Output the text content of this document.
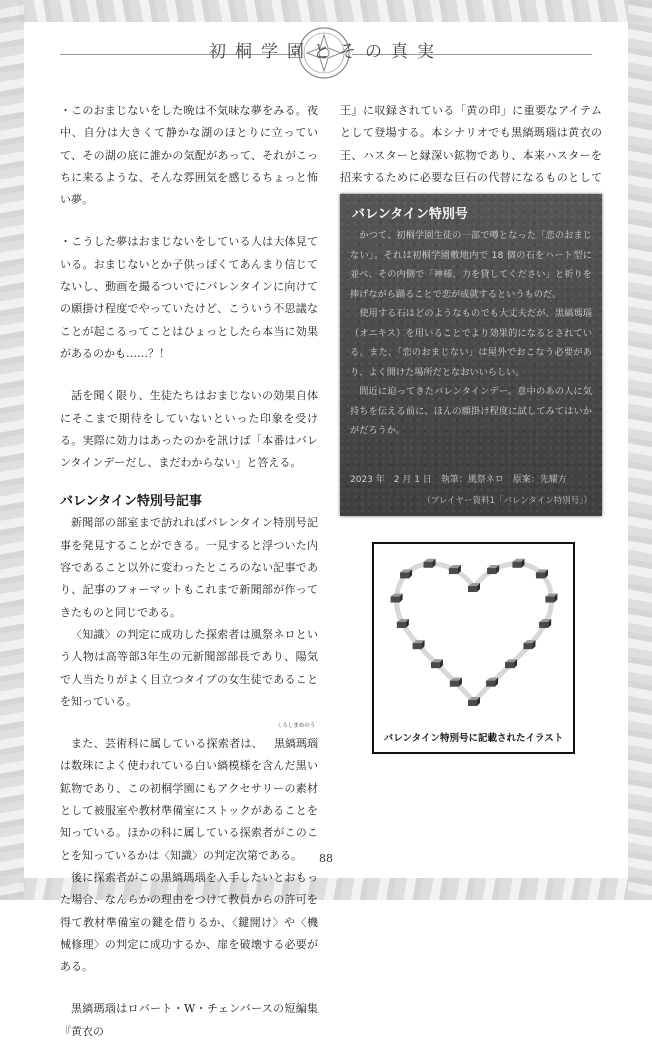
初桐学園とその真実

・このおまじないをした晩は不気味な夢をみる。夜中、自分は大きくて静かな湖のほとりに立っていて、その湖の底に誰かの気配があって、それがこっちに来るような、そんな雰囲気を感じるちょっと怖い夢。

・こうした夢はおまじないをしている人は大体見ている。おまじないとか子供っぽくてあんまり信じてないし、動画を撮るついでにバレンタインに向けての願掛け程度でやっていたけど、こういう不思議なことが起こるってことはひょっとしたら本当に効果があるのかも……？！

話を聞く限り、生徒たちはおまじないの効果自体にそこまで期待をしていないといった印象を受ける。実際に効力はあったのかを訊けば「本番はバレンタインデーだし、まだわからない」と答える。

バレンタイン特別号記事

新聞部の部室まで訪れればバレンタイン特別号記事を発見することができる。一見すると浮ついた内容であること以外に変わったところのない記事であり、記事のフォーマットもこれまで新聞部が作ってきたものと同じである。

〈知識〉の判定に成功した探索者は風祭ネロという人物は高等部3年生の元新聞部部長であり、陽気で人当たりがよく目立つタイプの女生徒であることを知っている。

また、芸術科に属している探索者は、
くろしまめのう
黒縞瑪瑙は数珠によく使われている白い縞模様を含んだ黒い鉱物であり、この初桐学園にもアクセサリーの素材として被服室や教材準備室にストックがあることを知っている。ほかの科に属している探索者がこのことを知っているかは〈知識〉の判定次第である。

後に探索者がこの黒縞瑪瑙を入手したいとおもった場合、なんらかの理由をつけて教員からの許可を得て教材準備室の鍵を借りるか、〈鍵開け〉や〈機械修理〉の判定に成功するか、扉を破壊する必要がある。

黒縞瑪瑙はロバート・W・チェンバースの短編集『黄衣の

王』に収録されている「黄の印」に重要なアイテムとして登場する。本シナリオでも黒縞瑪瑙は黄衣の王、ハスターと縁深い鉱物であり、本来ハスターを招来するために必要な巨石の代替になるものとして

バレンタイン特別号

かつて、初桐学園生徒の一部で噂となった「恋のおまじない」。それは初桐学園敷地内で 18 個の石をハート型に並べ、その内側で「神様、力を貸してください」と祈りを捧げながら踊ることで恋が成就するというものだ。

使用する石はどのようなものでも大丈夫だが、黒縞瑪瑙（オニキス）を用いることでより効果的になるとされている。また、「恋のおまじない」は屋外でおこなう必要があり、よく開けた場所だとなおいいらしい。

間近に迫ってきたバレンタインデー。意中のあの人に気持ちを伝える前に、ほんの願掛け程度に試してみてはいかがだろうか。

2023 年　2 月 1 日　執筆：風祭ネロ　原案：先耀方
（プレイヤー資料1「バレンタイン特別号」）
バレンタイン特別号に記載されたイラスト
88
